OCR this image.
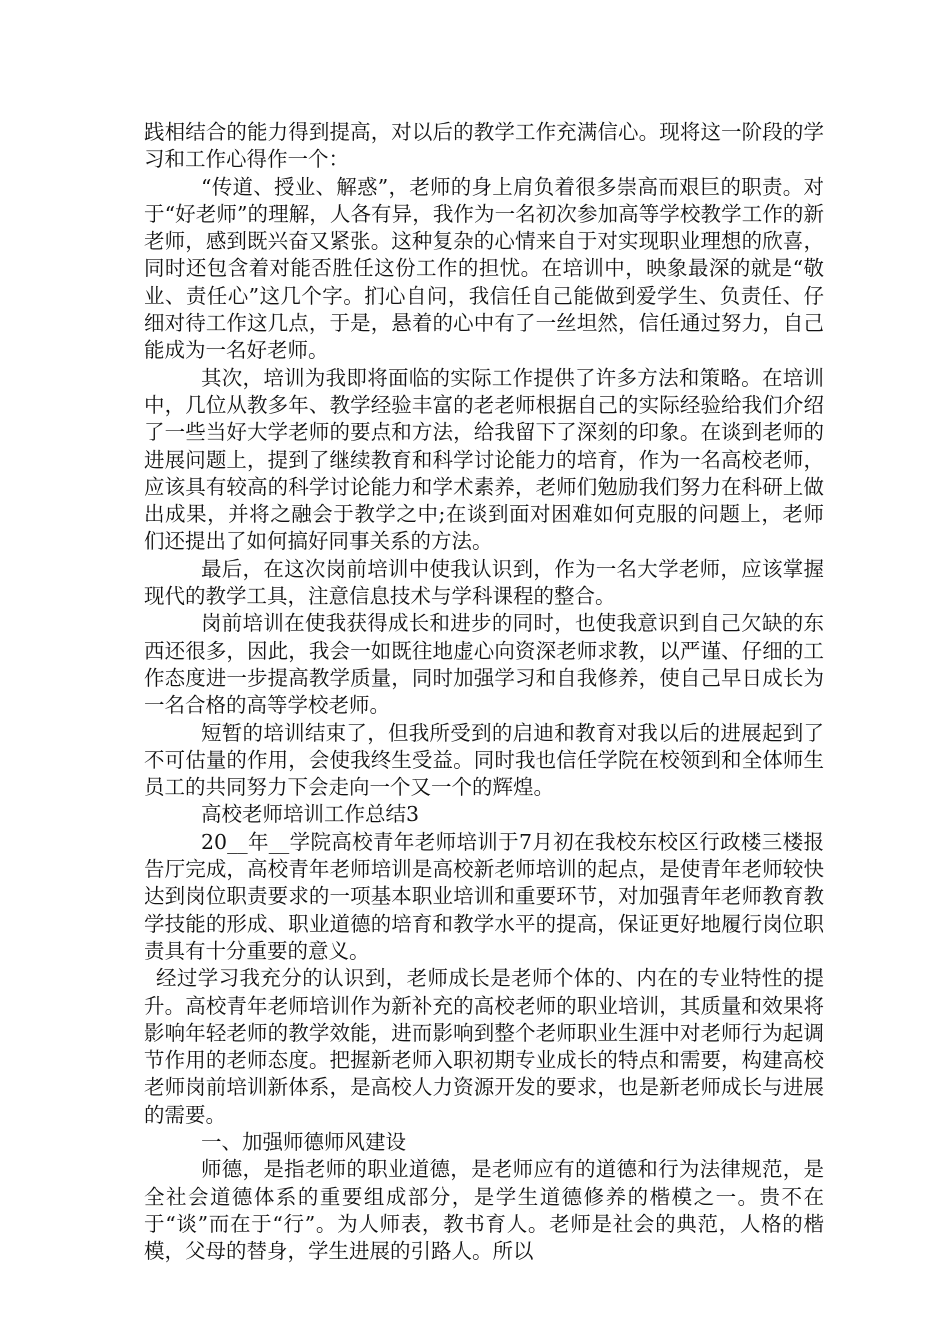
践相结合的能力得到提高，对以后的教学工作充满信心。现将这一阶段的学习和工作心得作一个：

“传道、授业、解惑”，老师的身上肩负着很多崇高而艰巨的职责。对于“好老师”的理解，人各有异，我作为一名初次参加高等学校教学工作的新老师，感到既兴奋又紧张。这种复杂的心情来自于对实现职业理想的欣喜，同时还包含着对能否胜任这份工作的担忧。在培训中，映象最深的就是“敬业、责任心”这几个字。扪心自问，我信任自己能做到爱学生、负责任、仔细对待工作这几点，于是，悬着的心中有了一丝坦然，信任通过努力，自己能成为一名好老师。

其次，培训为我即将面临的实际工作提供了许多方法和策略。在培训中，几位从教多年、教学经验丰富的老老师根据自己的实际经验给我们介绍了一些当好大学老师的要点和方法，给我留下了深刻的印象。在谈到老师的进展问题上，提到了继续教育和科学讨论能力的培育，作为一名高校老师，应该具有较高的科学讨论能力和学术素养，老师们勉励我们努力在科研上做出成果，并将之融会于教学之中;在谈到面对困难如何克服的问题上，老师们还提出了如何搞好同事关系的方法。

最后，在这次岗前培训中使我认识到，作为一名大学老师，应该掌握现代的教学工具，注意信息技术与学科课程的整合。

岗前培训在使我获得成长和进步的同时，也使我意识到自己欠缺的东西还很多，因此，我会一如既往地虚心向资深老师求教，以严谨、仔细的工作态度进一步提高教学质量，同时加强学习和自我修养，使自己早日成长为一名合格的高等学校老师。

短暂的培训结束了，但我所受到的启迪和教育对我以后的进展起到了不可估量的作用，会使我终生受益。同时我也信任学院在校领到和全体师生员工的共同努力下会走向一个又一个的辉煌。

高校老师培训工作总结3

20__年__学院高校青年老师培训于7月初在我校东校区行政楼三楼报告厅完成，高校青年老师培训是高校新老师培训的起点，是使青年老师较快达到岗位职责要求的一项基本职业培训和重要环节，对加强青年老师教育教学技能的形成、职业道德的培育和教学水平的提高，保证更好地履行岗位职责具有十分重要的意义。

经过学习我充分的认识到，老师成长是老师个体的、内在的专业特性的提升。高校青年老师培训作为新补充的高校老师的职业培训，其质量和效果将影响年轻老师的教学效能，进而影响到整个老师职业生涯中对老师行为起调节作用的老师态度。把握新老师入职初期专业成长的特点和需要，构建高校老师岗前培训新体系，是高校人力资源开发的要求，也是新老师成长与进展的需要。

一、加强师德师风建设

师德，是指老师的职业道德，是老师应有的道德和行为法律规范，是全社会道德体系的重要组成部分，是学生道德修养的楷模之一。贵不在于“谈”而在于“行”。为人师表，教书育人。老师是社会的典范，人格的楷模，父母的替身，学生进展的引路人。所以
